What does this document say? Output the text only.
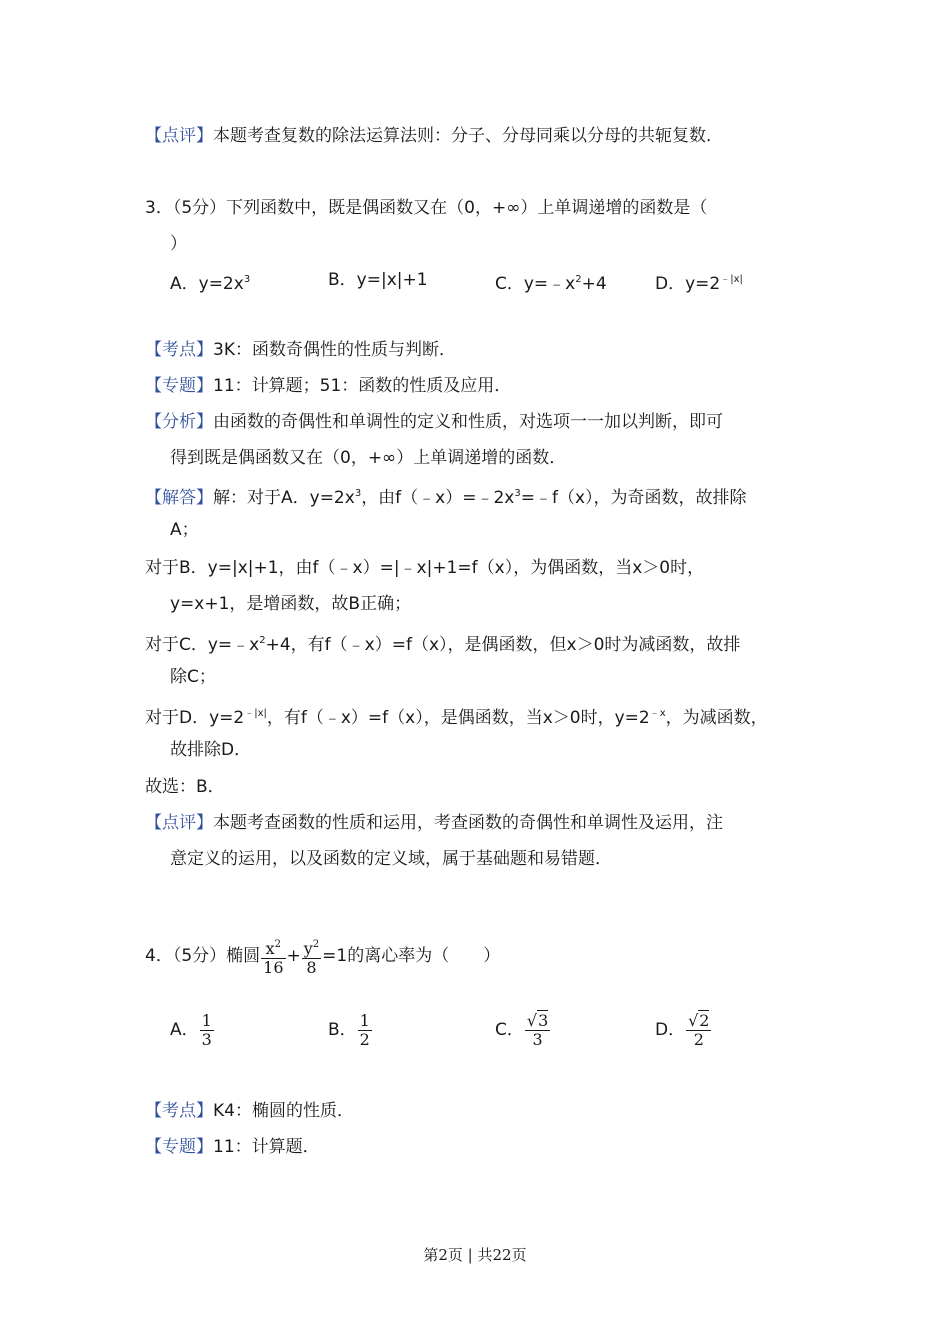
【点评】本题考查复数的除法运算法则：分子、分母同乘以分母的共轭复数．
3．（5分）下列函数中，既是偶函数又在（0，+∞）上单调递增的函数是（
）
A．$y=2x^3$	B．y=|x|+1	C．$y=﹣x^2+4$	D．$y=2^{﹣|x|}$
【考点】3K：函数奇偶性的性质与判断．
【专题】11：计算题；51：函数的性质及应用．
【分析】由函数的奇偶性和单调性的定义和性质，对选项一一加以判断，即可
得到既是偶函数又在（0，+∞）上单调递增的函数．
【解答】解：对于A．$y=2x^3$，由$f(﹣x)=﹣2x^3=﹣f(x)$，为奇函数，故排除
A；
对于B．y=|x|+1，由f（﹣x）=|﹣x|+1=f（x），为偶函数，当x＞0时，
y=x+1，是增函数，故B正确；
对于C．$y=﹣x^2+4$，有f（﹣x）=f（x），是偶函数，但x＞0时为减函数，故排
除C；
对于D．$y=2^{﹣|x|}$，有f（﹣x）=f（x），是偶函数，当x＞0时，$y=2^{﹣x}$，为减函数，
故排除D．
故选：B．
【点评】本题考查函数的性质和运用，考查函数的奇偶性和单调性及运用，注
意定义的运用，以及函数的定义域，属于基础题和易错题．
4．（5分）椭圆 $\frac{x^2}{16} + \frac{y^2}{8} =1$的离心率为（　　）
A． $\frac{1}{3}$	B． $\frac{1}{2}$	C． $\frac{√3}{3}$	D． $\frac{√2}{2}$
【考点】K4：椭圆的性质．
【专题】11：计算题．
第2页 | 共22页
